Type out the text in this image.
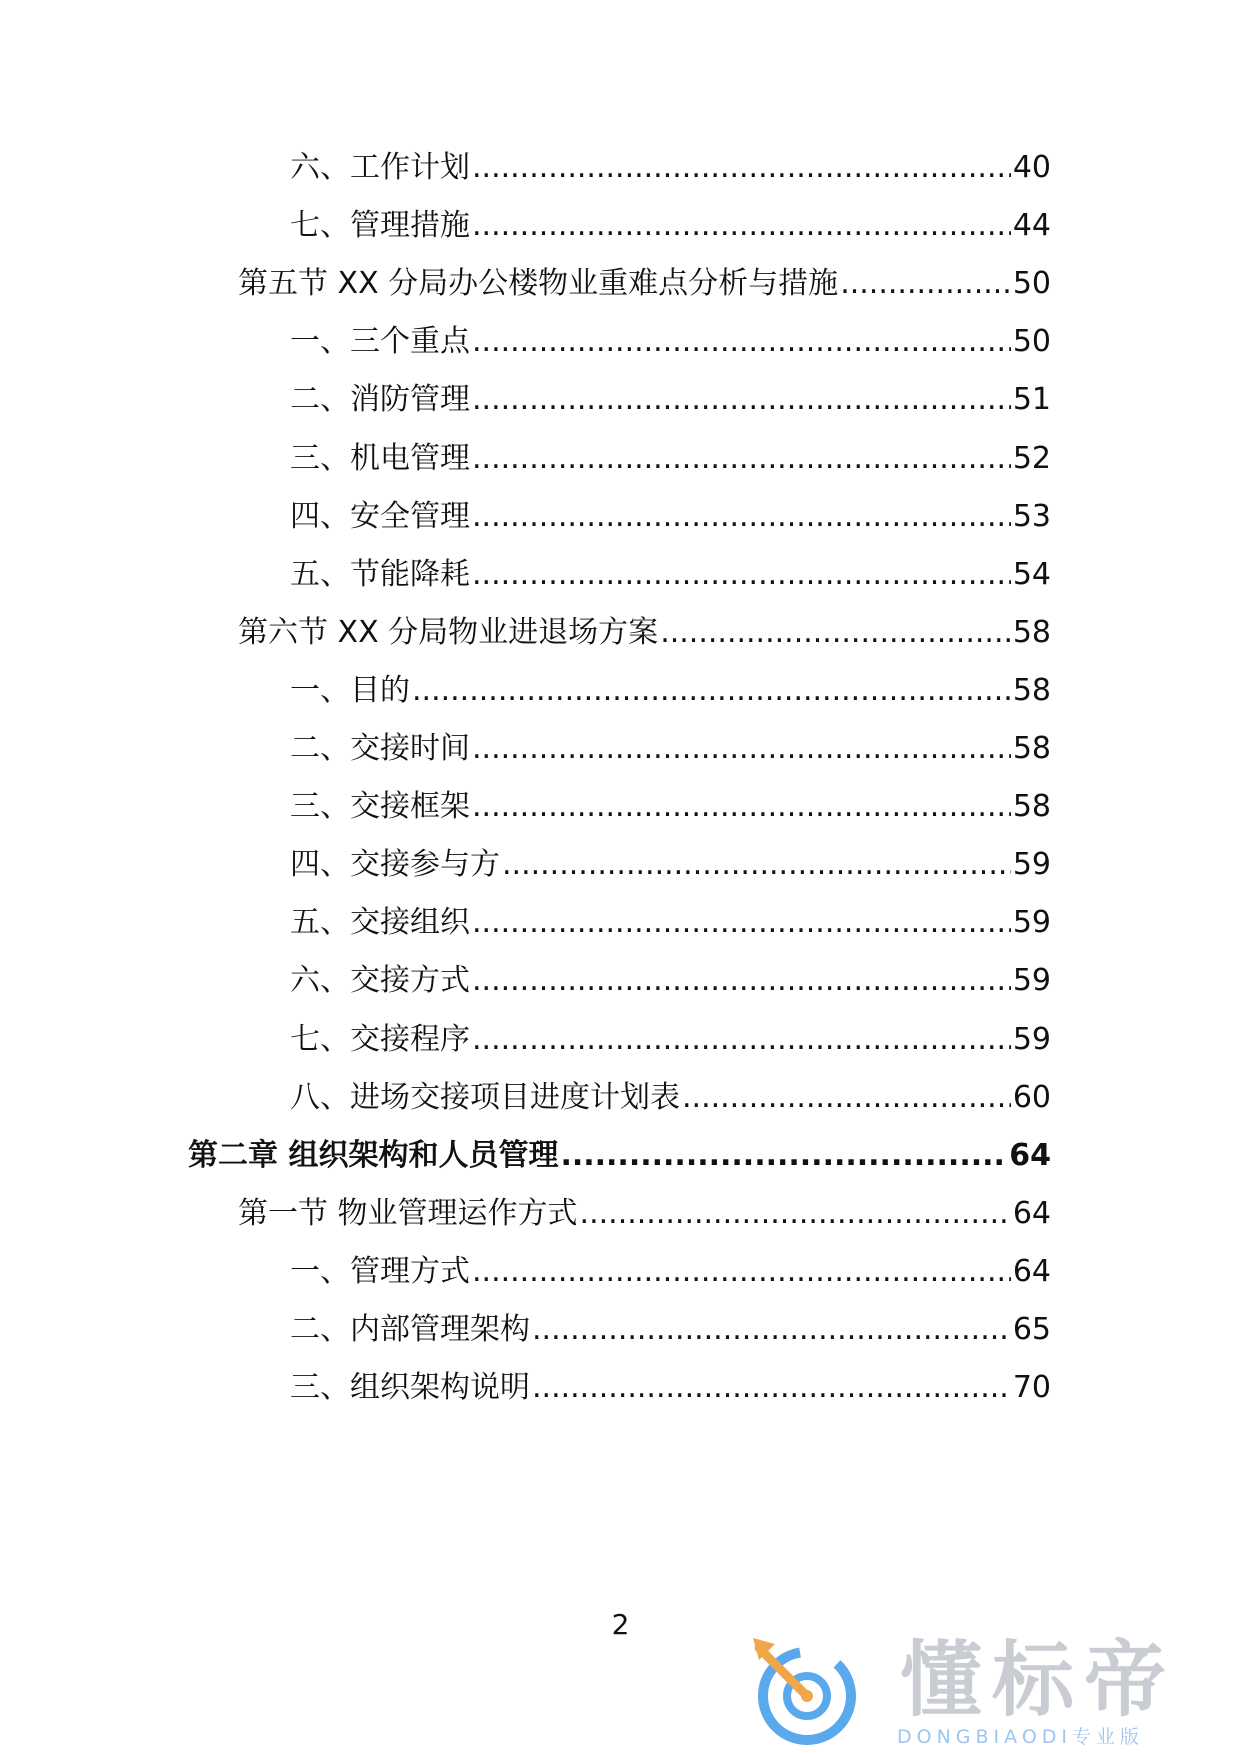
六、工作计划 .....	40
七、管理措施 .....	44
第五节 XX 分局办公楼物业重难点分析与措施 .....	50
一、三个重点 .....	50
二、消防管理 .....	51
三、机电管理 .....	52
四、安全管理 .....	53
五、节能降耗 .....	54
第六节 XX 分局物业进退场方案 .....	58
一、目的 .....	58
二、交接时间 .....	58
三、交接框架 .....	58
四、交接参与方 .....	59
五、交接组织 .....	59
六、交接方式 .....	59
七、交接程序 .....	59
八、进场交接项目进度计划表 .....	60
第二章 组织架构和人员管理 .....	64
第一节 物业管理运作方式 .....	64
一、管理方式 .....	64
二、内部管理架构 .....	65
三、组织架构说明 .....	70
2
懂标帝
DONGBIAODI专业版
